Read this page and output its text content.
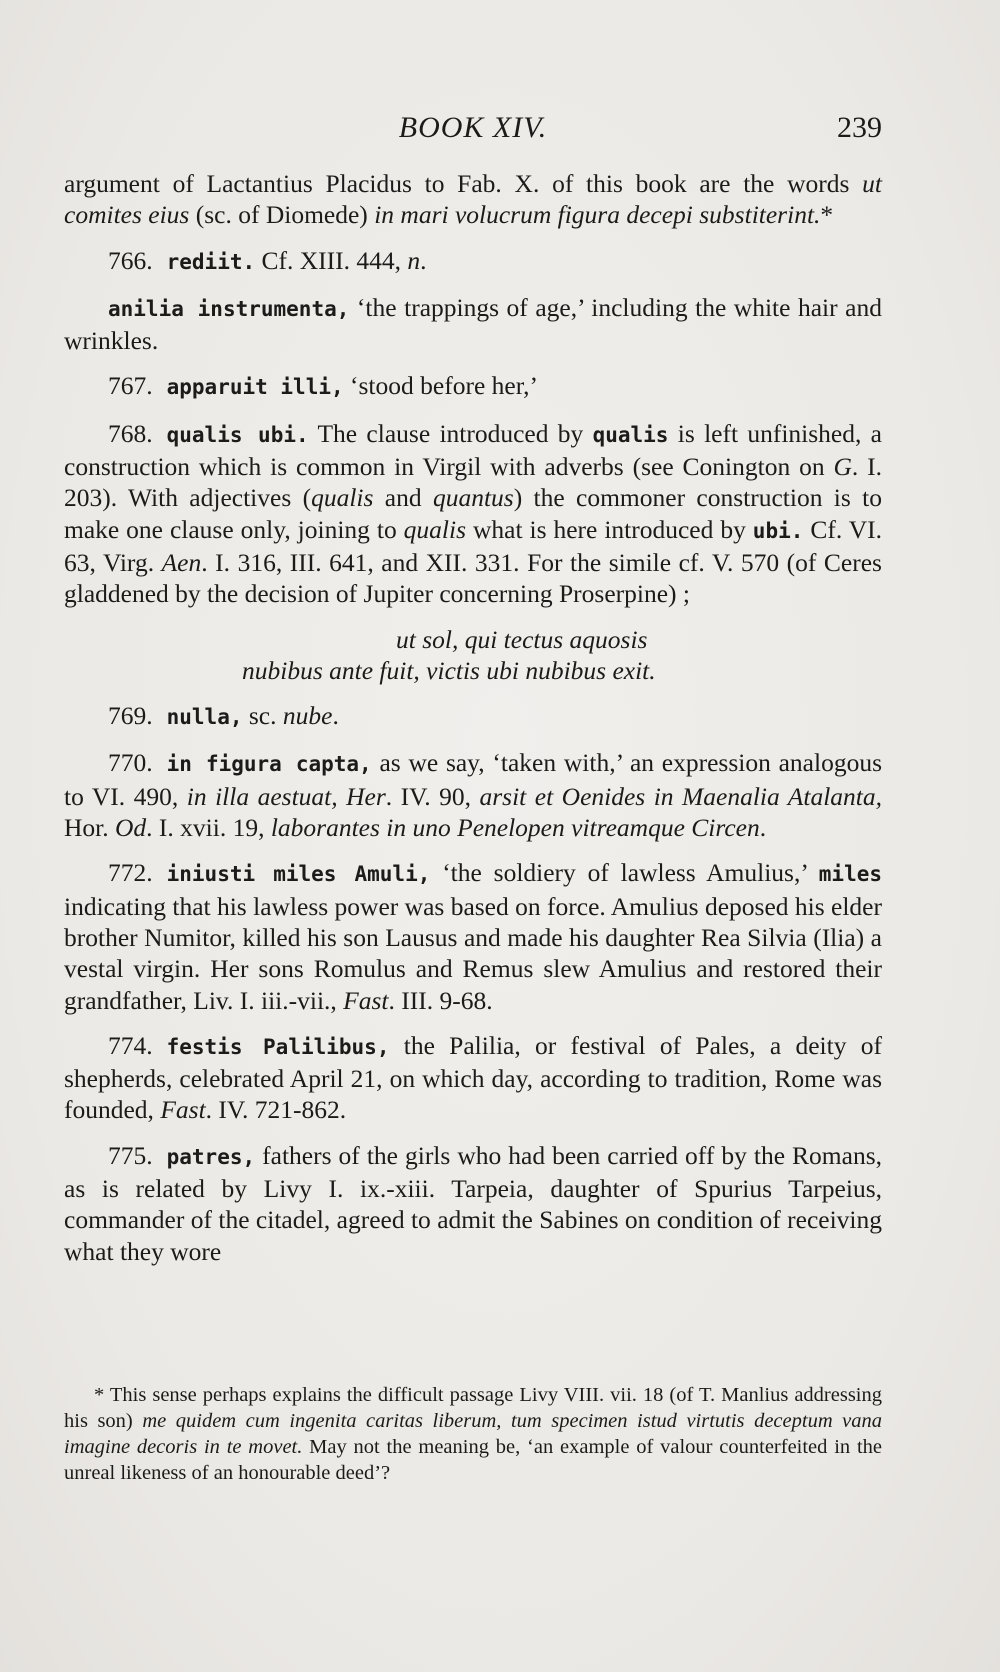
BOOK XIV.	239

argument of Lactantius Placidus to Fab. X. of this book are the words ut comites eius (sc. of Diomede) in mari volucrum figura decepi substiterint.*

766. rediit. Cf. XIII. 444, n.

anilia instrumenta, ‘the trappings of age,’ including the white hair and wrinkles.

767. apparuit illi, ‘stood before her,’

768. qualis ubi. The clause introduced by qualis is left unfinished, a construction which is common in Virgil with adverbs (see Conington on G. I. 203). With adjectives (qualis and quantus) the commoner construction is to make one clause only, joining to qualis what is here introduced by ubi. Cf. VI. 63, Virg. Aen. I. 316, III. 641, and XII. 331. For the simile cf. V. 570 (of Ceres gladdened by the decision of Jupiter concerning Proserpine) ;

ut sol, qui tectus aquosis
nubibus ante fuit, victis ubi nubibus exit.

769. nulla, sc. nube.

770. in figura capta, as we say, ‘taken with,’ an expression analogous to VI. 490, in illa aestuat, Her. IV. 90, arsit et Oenides in Maenalia Atalanta, Hor. Od. I. xvii. 19, laborantes in uno Penelopen vitreamque Circen.

772. iniusti miles Amuli, ‘the soldiery of lawless Amulius,’ miles indicating that his lawless power was based on force. Amulius deposed his elder brother Numitor, killed his son Lausus and made his daughter Rea Silvia (Ilia) a vestal virgin. Her sons Romulus and Remus slew Amulius and restored their grandfather, Liv. I. iii.-vii., Fast. III. 9-68.

774. festis Palilibus, the Palilia, or festival of Pales, a deity of shepherds, celebrated April 21, on which day, according to tradition, Rome was founded, Fast. IV. 721-862.

775. patres, fathers of the girls who had been carried off by the Romans, as is related by Livy I. ix.-xiii. Tarpeia, daughter of Spurius Tarpeius, commander of the citadel, agreed to admit the Sabines on condition of receiving what they wore

* This sense perhaps explains the difficult passage Livy VIII. vii. 18 (of T. Manlius addressing his son) me quidem cum ingenita caritas liberum, tum specimen istud virtutis deceptum vana imagine decoris in te movet. May not the meaning be, ‘an example of valour counterfeited in the unreal likeness of an honourable deed’?
